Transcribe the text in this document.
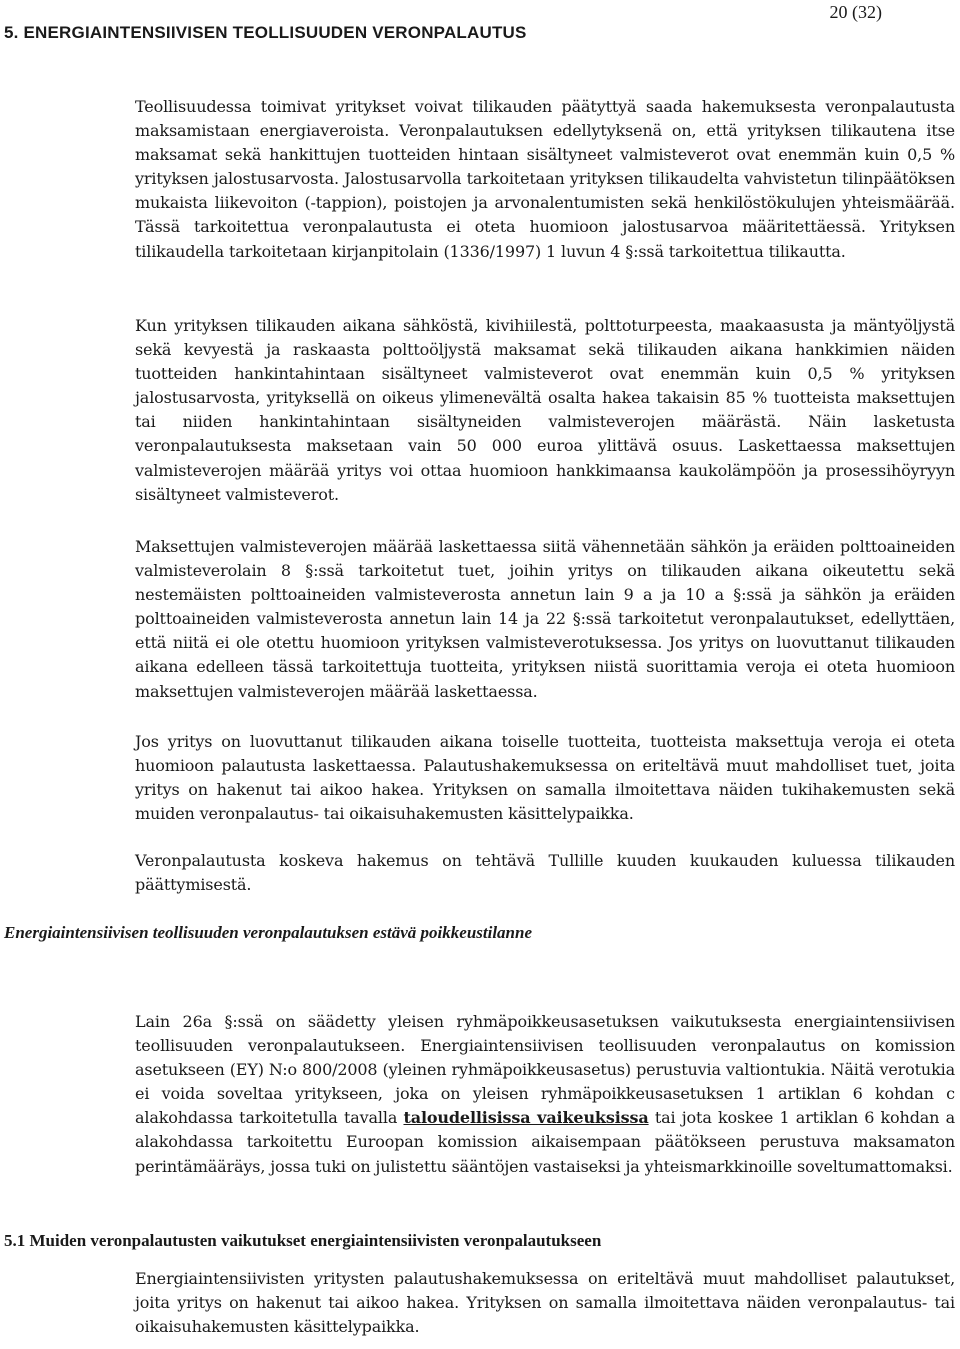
20 (32)
5. ENERGIAINTENSIIVISEN TEOLLISUUDEN VERONPALAUTUS

Teollisuudessa toimivat yritykset voivat tilikauden päätyttyä saada hakemuksesta veronpalautusta maksamistaan energiaveroista. Veronpalautuksen edellytyksenä on, että yrityksen tilikautena itse maksamat sekä hankittujen tuotteiden hintaan sisältyneet valmisteverot ovat enemmän kuin 0,5 % yrityksen jalostusarvosta. Jalostusarvolla tarkoitetaan yrityksen tilikaudelta vahvistetun tilinpäätöksen mukaista liikevoiton (-tappion), poistojen ja arvonalentumisten sekä henkilöstökulujen yhteismäärää. Tässä tarkoitettua veronpalautusta ei oteta huomioon jalostusarvoa määritettäessä. Yrityksen tilikaudella tarkoitetaan kirjanpitolain (1336/1997) 1 luvun 4 §:ssä tarkoitettua tilikautta.

Kun yrityksen tilikauden aikana sähköstä, kivihiilestä, polttoturpeesta, maakaasusta ja mäntyöljystä sekä kevyestä ja raskaasta polttoöljystä maksamat sekä tilikauden aikana hankkimien näiden tuotteiden hankintahintaan sisältyneet valmisteverot ovat enemmän kuin 0,5 % yrityksen jalostusarvosta, yrityksellä on oikeus ylimenevältä osalta hakea takaisin 85 % tuotteista maksettujen tai niiden hankintahintaan sisältyneiden valmisteverojen määrästä. Näin lasketusta veronpalautuksesta maksetaan vain 50 000 euroa ylittävä osuus. Laskettaessa maksettujen valmisteverojen määrää yritys voi ottaa huomioon hankkimaansa kaukolämpöön ja prosessihöyryyn sisältyneet valmisteverot.

Maksettujen valmisteverojen määrää laskettaessa siitä vähennetään sähkön ja eräiden polttoaineiden valmisteverolain 8 §:ssä tarkoitetut tuet, joihin yritys on tilikauden aikana oikeutettu sekä nestemäisten polttoaineiden valmisteverosta annetun lain 9 a ja 10 a §:ssä ja sähkön ja eräiden polttoaineiden valmisteverosta annetun lain 14 ja 22 §:ssä tarkoitetut veronpalautukset, edellyttäen, että niitä ei ole otettu huomioon yrityksen valmisteverotuksessa. Jos yritys on luovuttanut tilikauden aikana edelleen tässä tarkoitettuja tuotteita, yrityksen niistä suorittamia veroja ei oteta huomioon maksettujen valmisteverojen määrää laskettaessa.

Jos yritys on luovuttanut tilikauden aikana toiselle tuotteita, tuotteista maksettuja veroja ei oteta huomioon palautusta laskettaessa. Palautushakemuksessa on eriteltävä muut mahdolliset tuet, joita yritys on hakenut tai aikoo hakea. Yrityksen on samalla ilmoitettava näiden tukihakemusten sekä muiden veronpalautus- tai oikaisuhakemusten käsittelypaikka.

Veronpalautusta koskeva hakemus on tehtävä Tullille kuuden kuukauden kuluessa tilikauden päättymisestä.

Energiaintensiivisen teollisuuden veronpalautuksen estävä poikkeustilanne

Lain 26a §:ssä on säädetty yleisen ryhmäpoikkeusasetuksen vaikutuksesta energiaintensiivisen teollisuuden veronpalautukseen. Energiaintensiivisen teollisuuden veronpalautus on komission asetukseen (EY) N:o 800/2008 (yleinen ryhmäpoikkeusasetus) perustuvia valtiontukia. Näitä verotukia ei voida soveltaa yritykseen, joka on yleisen ryhmäpoikkeusasetuksen 1 artiklan 6 kohdan c alakohdassa tarkoitetulla tavalla taloudellisissa vaikeuksissa tai jota koskee 1 artiklan 6 kohdan a alakohdassa tarkoitettu Euroopan komission aikaisempaan päätökseen perustuva maksamaton perintämääräys, jossa tuki on julistettu sääntöjen vastaiseksi ja yhteismarkkinoille soveltumattomaksi.

5.1 Muiden veronpalautusten vaikutukset energiaintensiivisten veronpalautukseen

Energiaintensiivisten yritysten palautushakemuksessa on eriteltävä muut mahdolliset palautukset, joita yritys on hakenut tai aikoo hakea. Yrityksen on samalla ilmoitettava näiden veronpalautus- tai oikaisuhakemusten käsittelypaikka.
